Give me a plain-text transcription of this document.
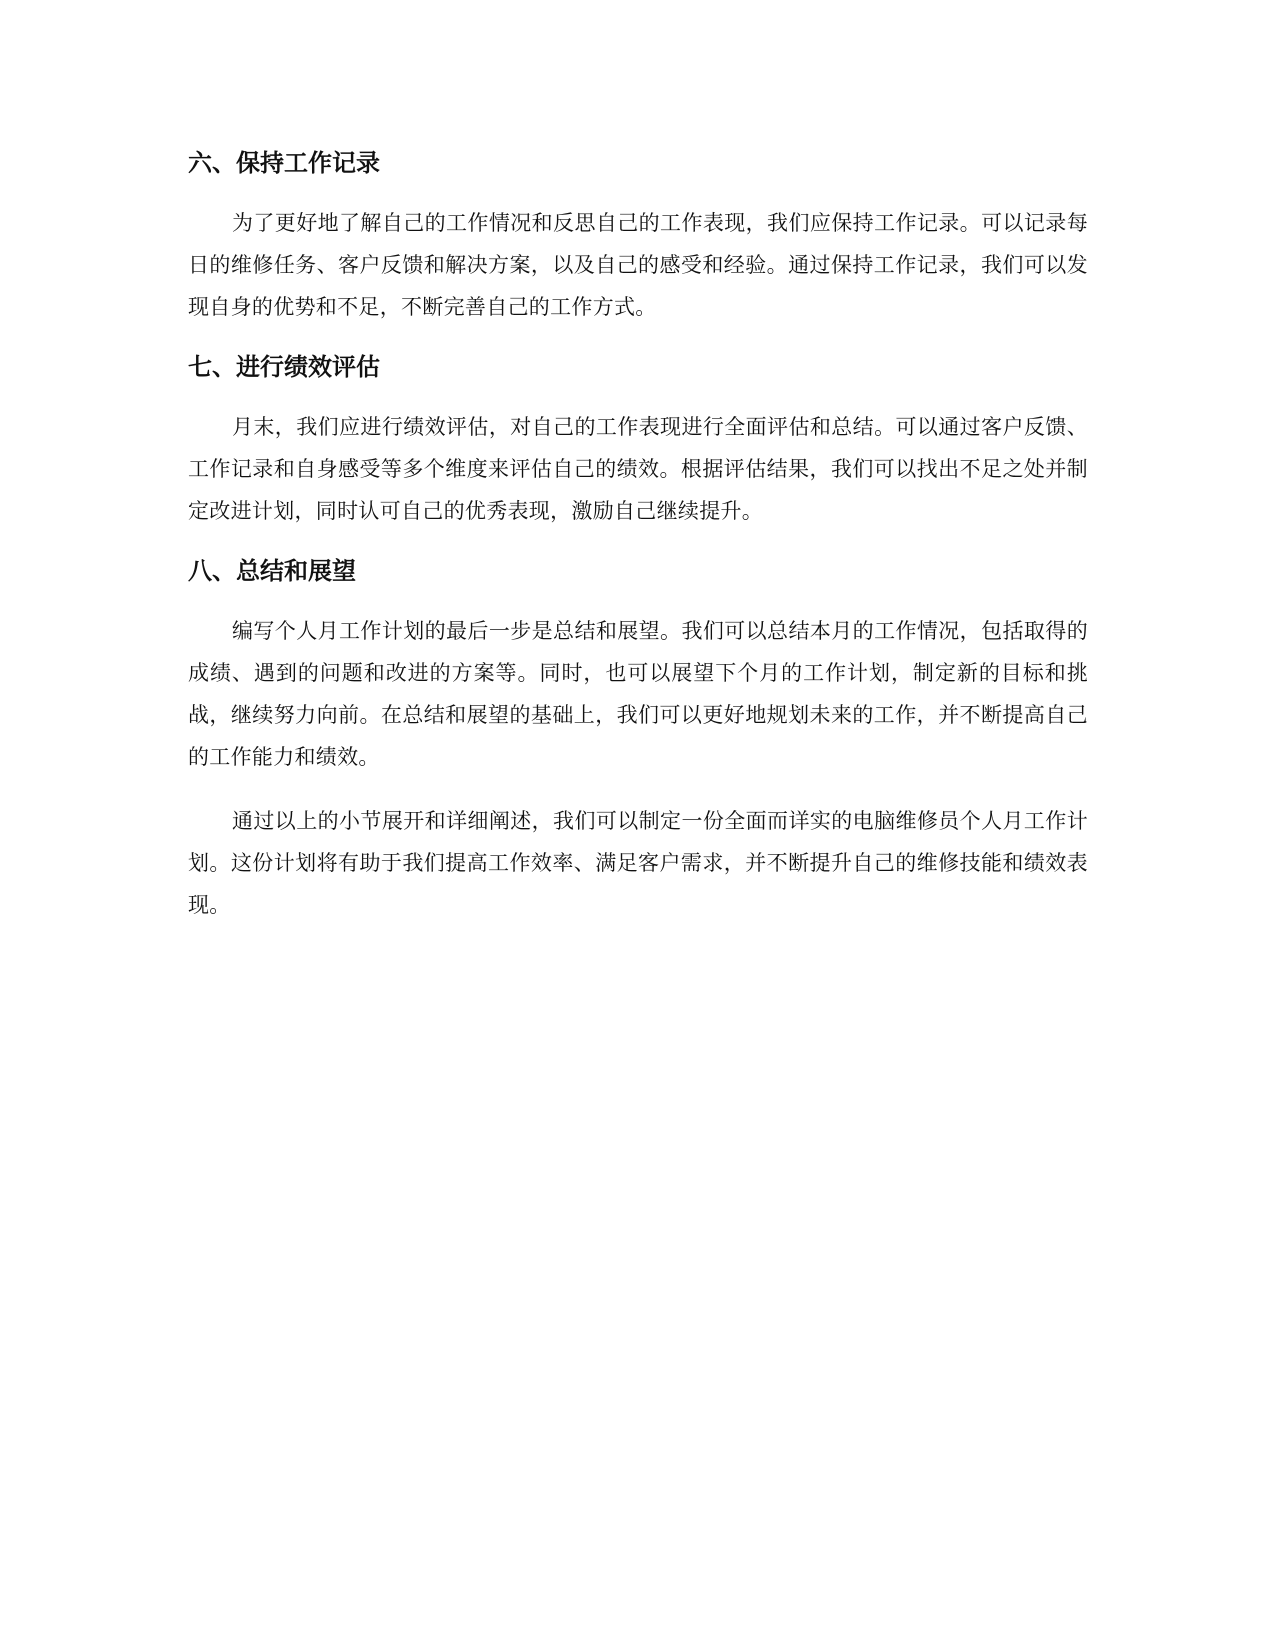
六、保持工作记录

为了更好地了解自己的工作情况和反思自己的工作表现，我们应保持工作记录。可以记录每日的维修任务、客户反馈和解决方案，以及自己的感受和经验。通过保持工作记录，我们可以发现自身的优势和不足，不断完善自己的工作方式。

七、进行绩效评估

月末，我们应进行绩效评估，对自己的工作表现进行全面评估和总结。可以通过客户反馈、工作记录和自身感受等多个维度来评估自己的绩效。根据评估结果，我们可以找出不足之处并制定改进计划，同时认可自己的优秀表现，激励自己继续提升。

八、总结和展望

编写个人月工作计划的最后一步是总结和展望。我们可以总结本月的工作情况，包括取得的成绩、遇到的问题和改进的方案等。同时，也可以展望下个月的工作计划，制定新的目标和挑战，继续努力向前。在总结和展望的基础上，我们可以更好地规划未来的工作，并不断提高自己的工作能力和绩效。

通过以上的小节展开和详细阐述，我们可以制定一份全面而详实的电脑维修员个人月工作计划。这份计划将有助于我们提高工作效率、满足客户需求，并不断提升自己的维修技能和绩效表现。
